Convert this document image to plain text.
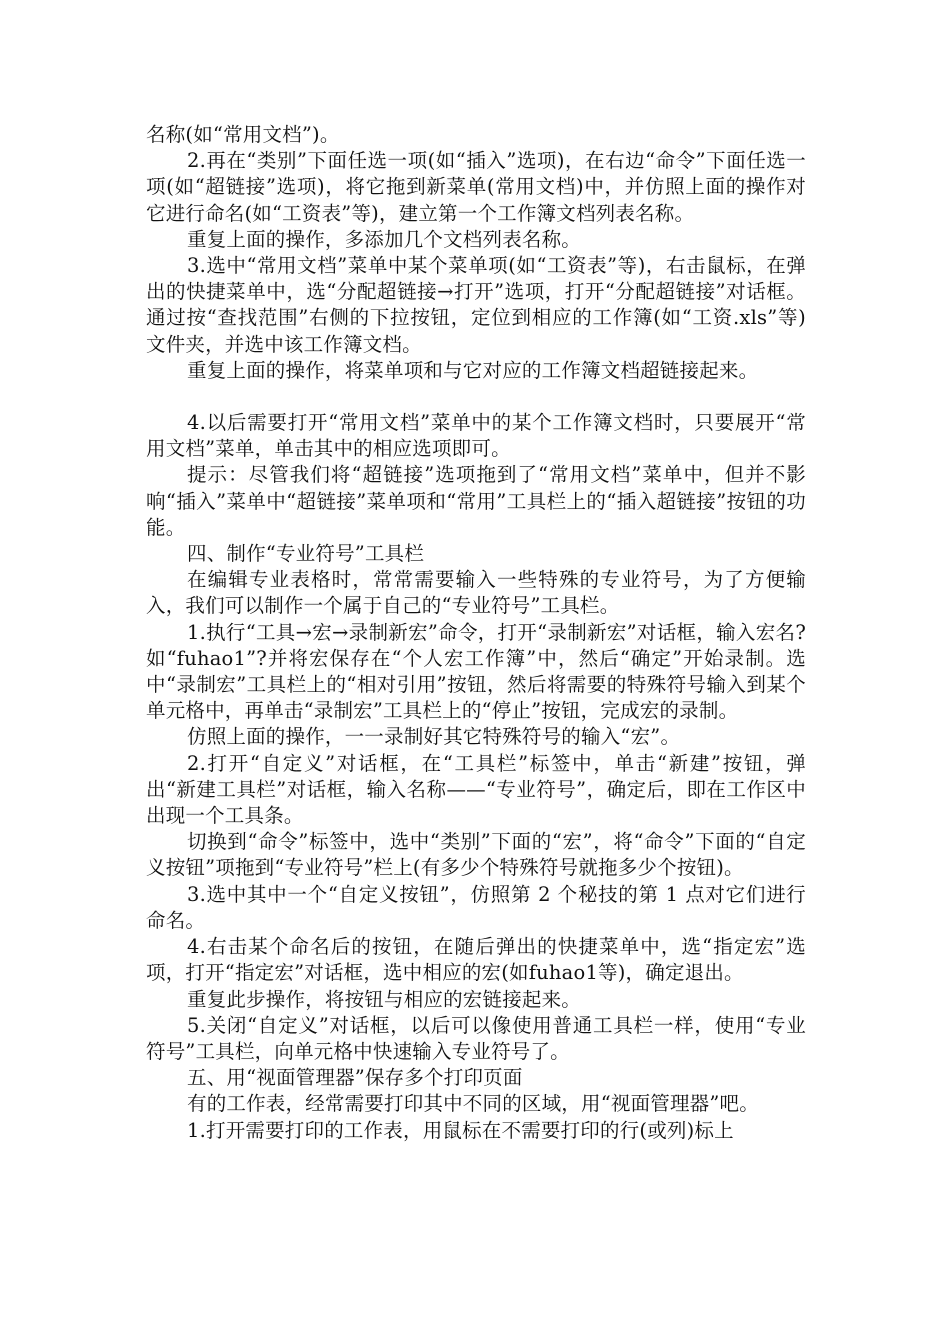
名称(如“常用文档”)。

2.再在“类别”下面任选一项(如“插入”选项)，在右边“命令”下面任选一项(如“超链接”选项)，将它拖到新菜单(常用文档)中，并仿照上面的操作对它进行命名(如“工资表”等)，建立第一个工作簿文档列表名称。

重复上面的操作，多添加几个文档列表名称。

3.选中“常用文档”菜单中某个菜单项(如“工资表”等)，右击鼠标，在弹出的快捷菜单中，选“分配超链接→打开”选项，打开“分配超链接”对话框。通过按“查找范围”右侧的下拉按钮，定位到相应的工作簿(如“工资.xls”等)文件夹，并选中该工作簿文档。

重复上面的操作，将菜单项和与它对应的工作簿文档超链接起来。

4.以后需要打开“常用文档”菜单中的某个工作簿文档时，只要展开“常用文档”菜单，单击其中的相应选项即可。

提示：尽管我们将“超链接”选项拖到了“常用文档”菜单中，但并不影响“插入”菜单中“超链接”菜单项和“常用”工具栏上的“插入超链接”按钮的功能。

四、制作“专业符号”工具栏

在编辑专业表格时，常常需要输入一些特殊的专业符号，为了方便输入，我们可以制作一个属于自己的“专业符号”工具栏。

1.执行“工具→宏→录制新宏”命令，打开“录制新宏”对话框，输入宏名?如“fuhao1”?并将宏保存在“个人宏工作簿”中，然后“确定”开始录制。选中“录制宏”工具栏上的“相对引用”按钮，然后将需要的特殊符号输入到某个单元格中，再单击“录制宏”工具栏上的“停止”按钮，完成宏的录制。

仿照上面的操作，一一录制好其它特殊符号的输入“宏”。

2.打开“自定义”对话框，在“工具栏”标签中，单击“新建”按钮，弹出“新建工具栏”对话框，输入名称——“专业符号”，确定后，即在工作区中出现一个工具条。

切换到“命令”标签中，选中“类别”下面的“宏”，将“命令”下面的“自定义按钮”项拖到“专业符号”栏上(有多少个特殊符号就拖多少个按钮)。

3.选中其中一个“自定义按钮”，仿照第 2 个秘技的第 1 点对它们进行命名。

4.右击某个命名后的按钮，在随后弹出的快捷菜单中，选“指定宏”选项，打开“指定宏”对话框，选中相应的宏(如fuhao1等)，确定退出。

重复此步操作，将按钮与相应的宏链接起来。

5.关闭“自定义”对话框，以后可以像使用普通工具栏一样，使用“专业符号”工具栏，向单元格中快速输入专业符号了。

五、用“视面管理器”保存多个打印页面

有的工作表，经常需要打印其中不同的区域，用“视面管理器”吧。

1.打开需要打印的工作表，用鼠标在不需要打印的行(或列)标上
